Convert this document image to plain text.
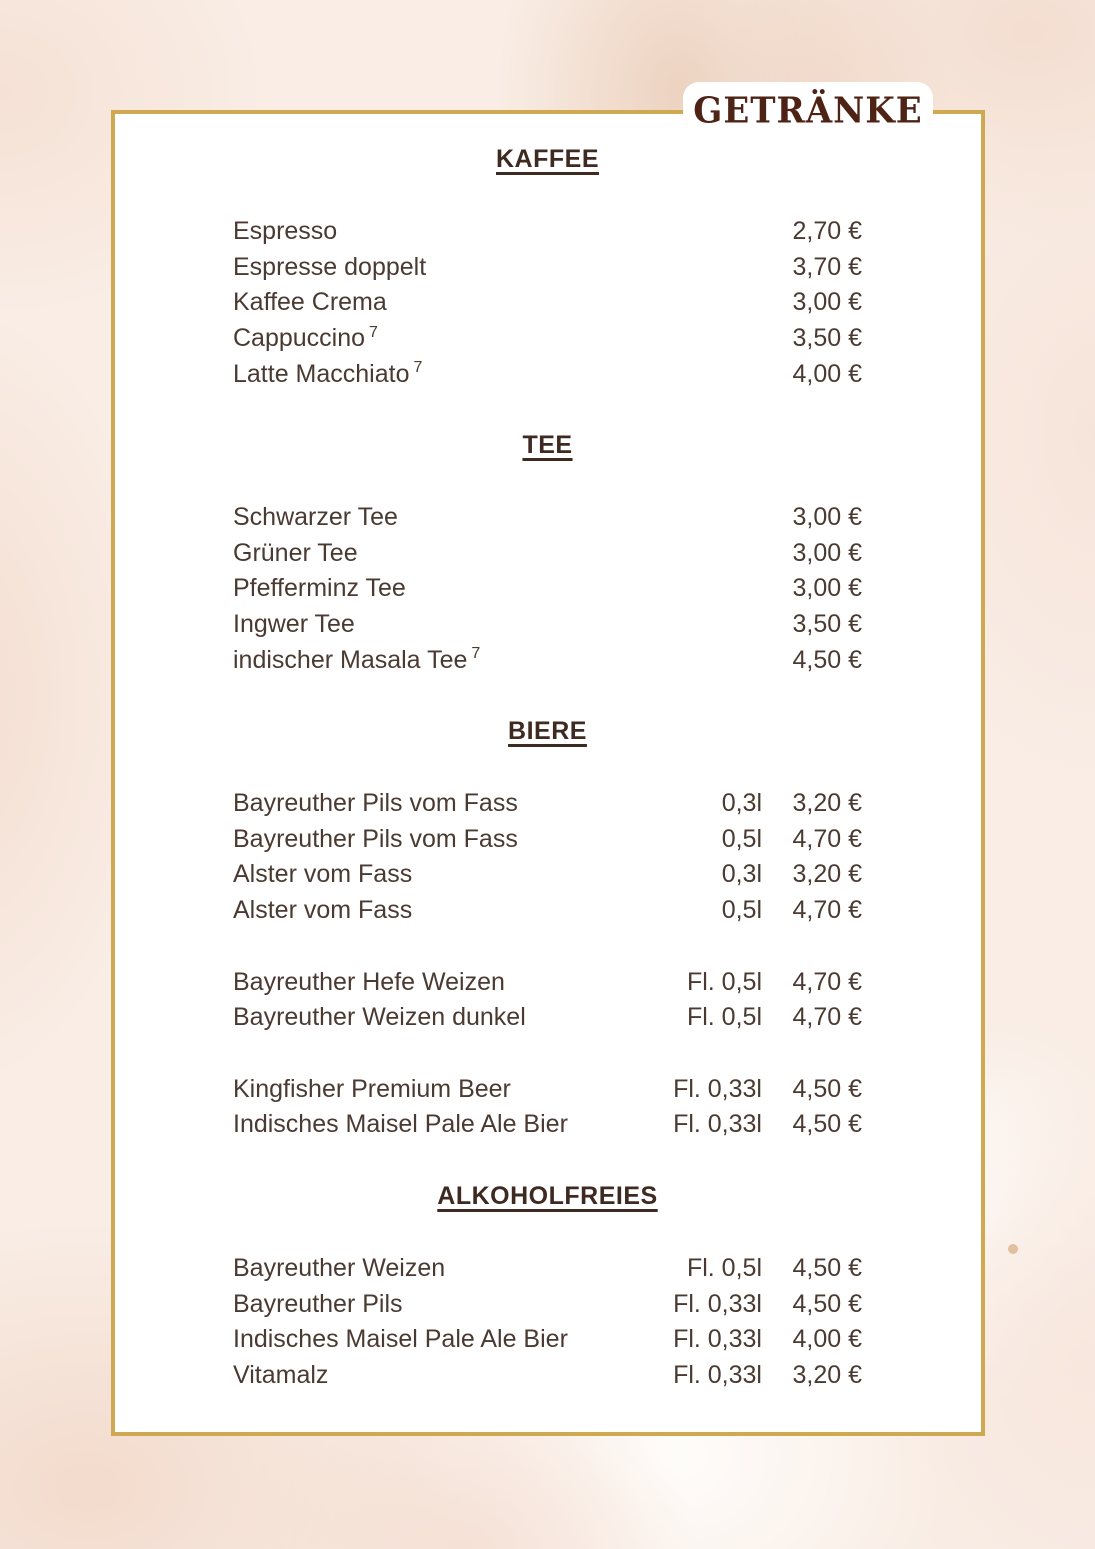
GETRÄNKE
KAFFEE
Espresso	2,70 €
Espresse doppelt	3,70 €
Kaffee Crema	3,00 €
Cappuccino $^7$	3,50 €
Latte Macchiato $^7$	4,00 €
TEE
Schwarzer Tee	3,00 €
Grüner Tee	3,00 €
Pfefferminz Tee	3,00 €
Ingwer Tee	3,50 €
indischer Masala Tee $^7$	4,50 €
BIERE
Bayreuther Pils vom Fass	0,3l	3,20 €
Bayreuther Pils vom Fass	0,5l	4,70 €
Alster vom Fass	0,3l	3,20 €
Alster vom Fass	0,5l	4,70 €
Bayreuther Hefe Weizen	Fl. 0,5l	4,70 €
Bayreuther Weizen dunkel	Fl. 0,5l	4,70 €
Kingfisher Premium Beer	Fl. 0,33l	4,50 €
Indisches Maisel Pale Ale Bier	Fl. 0,33l	4,50 €
ALKOHOLFREIES
Bayreuther Weizen	Fl. 0,5l	4,50 €
Bayreuther Pils	Fl. 0,33l	4,50 €
Indisches Maisel Pale Ale Bier	Fl. 0,33l	4,00 €
Vitamalz	Fl. 0,33l	3,20 €
